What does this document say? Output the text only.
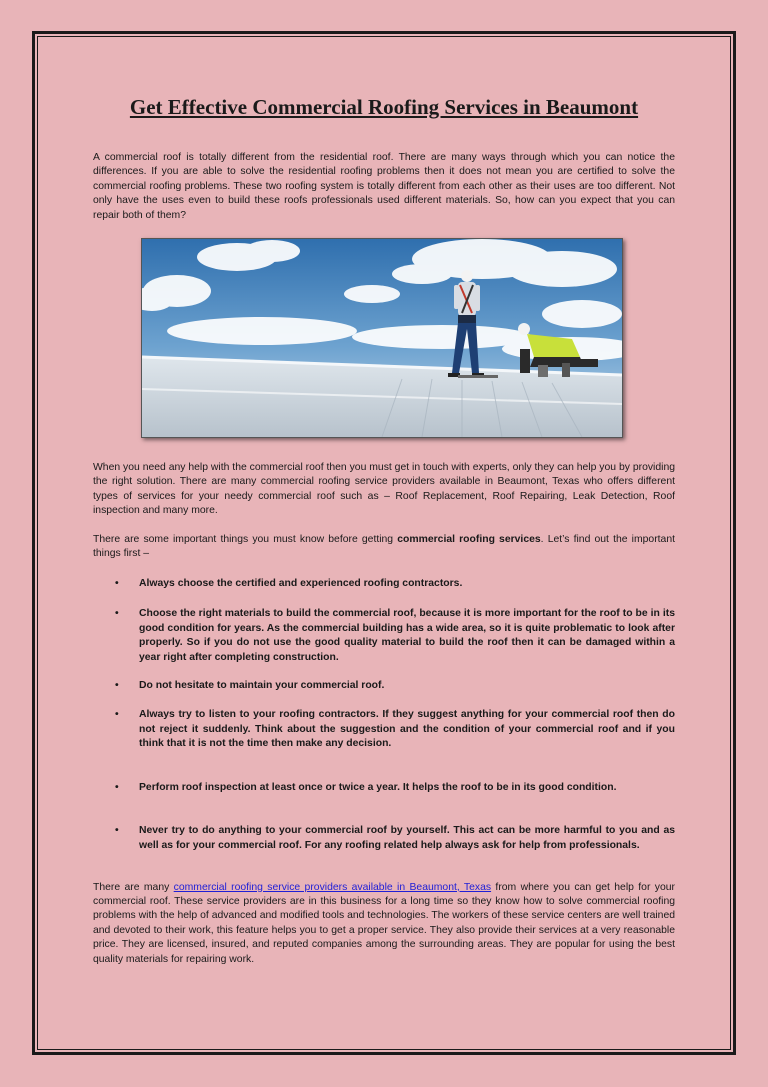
Get Effective Commercial Roofing Services in Beaumont

A commercial roof is totally different from the residential roof. There are many ways through which you can notice the differences. If you are able to solve the residential roofing problems then it does not mean you are certified to solve the commercial roofing problems. These two roofing system is totally different from each other as their uses are too different. Not only have the uses even to build these roofs professionals used different materials. So, how can you expect that you can repair both of them?

When you need any help with the commercial roof then you must get in touch with experts, only they can help you by providing the right solution. There are many commercial roofing service providers available in Beaumont, Texas who offers different types of services for your needy commercial roof such as – Roof Replacement, Roof Repairing, Leak Detection, Roof inspection and many more.

There are some important things you must know before getting commercial roofing services. Let’s find out the important things first –

• Always choose the certified and experienced roofing contractors.
• Choose the right materials to build the commercial roof, because it is more important for the roof to be in its good condition for years. As the commercial building has a wide area, so it is quite problematic to look after properly. So if you do not use the good quality material to build the roof then it can be damaged within a year right after completing construction.
• Do not hesitate to maintain your commercial roof.
• Always try to listen to your roofing contractors. If they suggest anything for your commercial roof then do not reject it suddenly. Think about the suggestion and the condition of your commercial roof and if you think that it is not the time then make any decision.
• Perform roof inspection at least once or twice a year. It helps the roof to be in its good condition.
• Never try to do anything to your commercial roof by yourself. This act can be more harmful to you and as well as for your commercial roof. For any roofing related help always ask for help from professionals.

There are many commercial roofing service providers available in Beaumont, Texas from where you can get help for your commercial roof. These service providers are in this business for a long time so they know how to solve commercial roofing problems with the help of advanced and modified tools and technologies. The workers of these service centers are well trained and devoted to their work, this feature helps you to get a proper service. They also provide their services at a very reasonable price. They are licensed, insured, and reputed companies among the surrounding areas. They are popular for using the best quality materials for repairing work.
